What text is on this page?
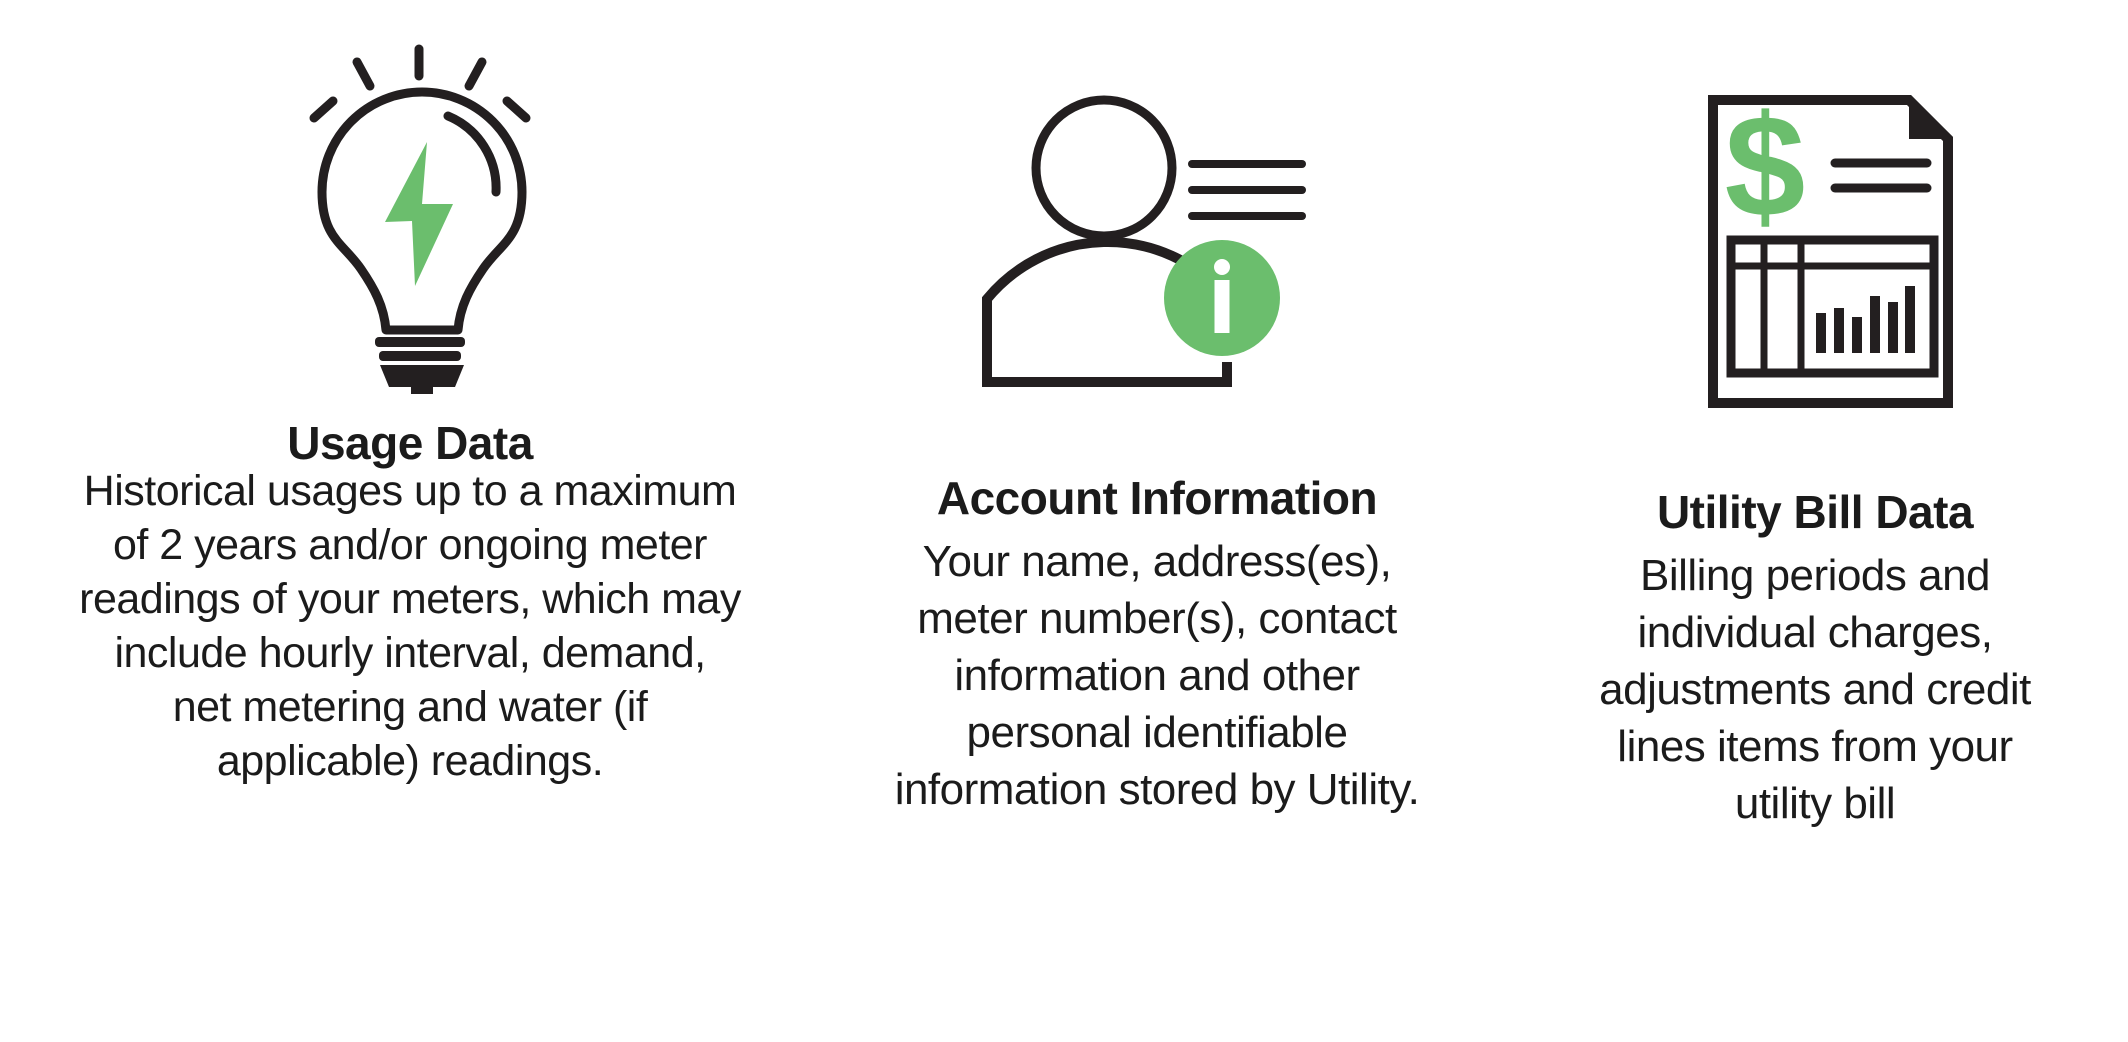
Usage Data

Historical usages up to a maximum
of 2 years and/or ongoing meter
readings of your meters, which may
include hourly interval, demand,
net metering and water (if
applicable) readings.

Account Information

Your name, address(es),
meter number(s), contact
information and other
personal identifiable
information stored by Utility.

$
Utility Bill Data

Billing periods and
individual charges,
adjustments and credit
lines items from your
utility bill
